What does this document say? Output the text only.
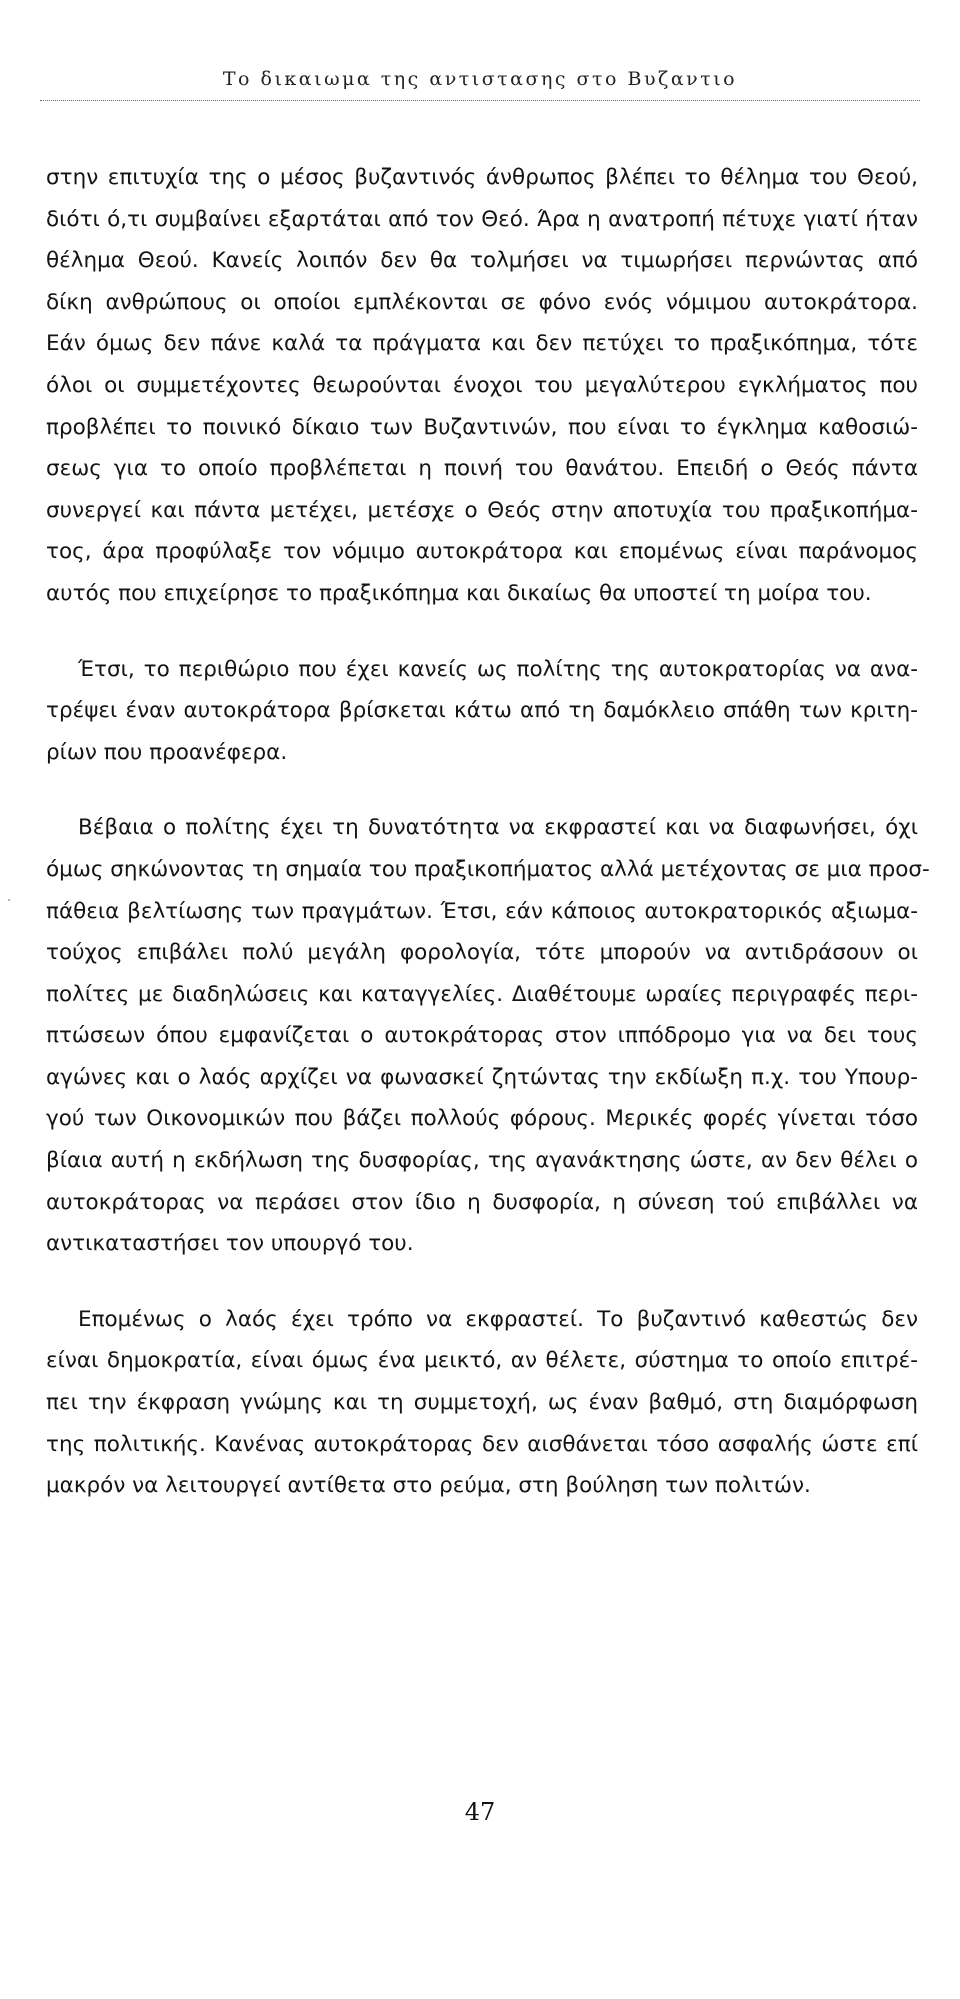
Το δικαιωμα της αντιστασης στο Βυζαντιο

στην επιτυχία της ο μέσος βυζαντινός άνθρωπος βλέπει το θέλημα του Θεού,
διότι ό,τι συμβαίνει εξαρτάται από τον Θεό. Άρα η ανατροπή πέτυχε γιατί ήταν
θέλημα Θεού. Κανείς λοιπόν δεν θα τολμήσει να τιμωρήσει περνώντας από
δίκη ανθρώπους οι οποίοι εμπλέκονται σε φόνο ενός νόμιμου αυτοκράτορα.
Εάν όμως δεν πάνε καλά τα πράγματα και δεν πετύχει το πραξικόπημα, τότε
όλοι οι συμμετέχοντες θεωρούνται ένοχοι του μεγαλύτερου εγκλήματος που
προβλέπει το ποινικό δίκαιο των Βυζαντινών, που είναι το έγκλημα καθοσιώ-
σεως για το οποίο προβλέπεται η ποινή του θανάτου. Επειδή ο Θεός πάντα
συνεργεί και πάντα μετέχει, μετέσχε ο Θεός στην αποτυχία του πραξικοπήμα-
τος, άρα προφύλαξε τον νόμιμο αυτοκράτορα και επομένως είναι παράνομος
αυτός που επιχείρησε το πραξικόπημα και δικαίως θα υποστεί τη μοίρα του.

Έτσι, το περιθώριο που έχει κανείς ως πολίτης της αυτοκρατορίας να ανα-
τρέψει έναν αυτοκράτορα βρίσκεται κάτω από τη δαμόκλειο σπάθη των κριτη-
ρίων που προανέφερα.

Βέβαια ο πολίτης έχει τη δυνατότητα να εκφραστεί και να διαφωνήσει, όχι
όμως σηκώνοντας τη σημαία του πραξικοπήματος αλλά μετέχοντας σε μια προσ-
πάθεια βελτίωσης των πραγμάτων. Έτσι, εάν κάποιος αυτοκρατορικός αξιωμα-
τούχος επιβάλει πολύ μεγάλη φορολογία, τότε μπορούν να αντιδράσουν οι
πολίτες με διαδηλώσεις και καταγγελίες. Διαθέτουμε ωραίες περιγραφές περι-
πτώσεων όπου εμφανίζεται ο αυτοκράτορας στον ιππόδρομο για να δει τους
αγώνες και ο λαός αρχίζει να φωνασκεί ζητώντας την εκδίωξη π.χ. του Υπουρ-
γού των Οικονομικών που βάζει πολλούς φόρους. Μερικές φορές γίνεται τόσο
βίαια αυτή η εκδήλωση της δυσφορίας, της αγανάκτησης ώστε, αν δεν θέλει ο
αυτοκράτορας να περάσει στον ίδιο η δυσφορία, η σύνεση τού επιβάλλει να
αντικαταστήσει τον υπουργό του.

Επομένως ο λαός έχει τρόπο να εκφραστεί. Το βυζαντινό καθεστώς δεν
είναι δημοκρατία, είναι όμως ένα μεικτό, αν θέλετε, σύστημα το οποίο επιτρέ-
πει την έκφραση γνώμης και τη συμμετοχή, ως έναν βαθμό, στη διαμόρφωση
της πολιτικής. Κανένας αυτοκράτορας δεν αισθάνεται τόσο ασφαλής ώστε επί
μακρόν να λειτουργεί αντίθετα στο ρεύμα, στη βούληση των πολιτών.

47
